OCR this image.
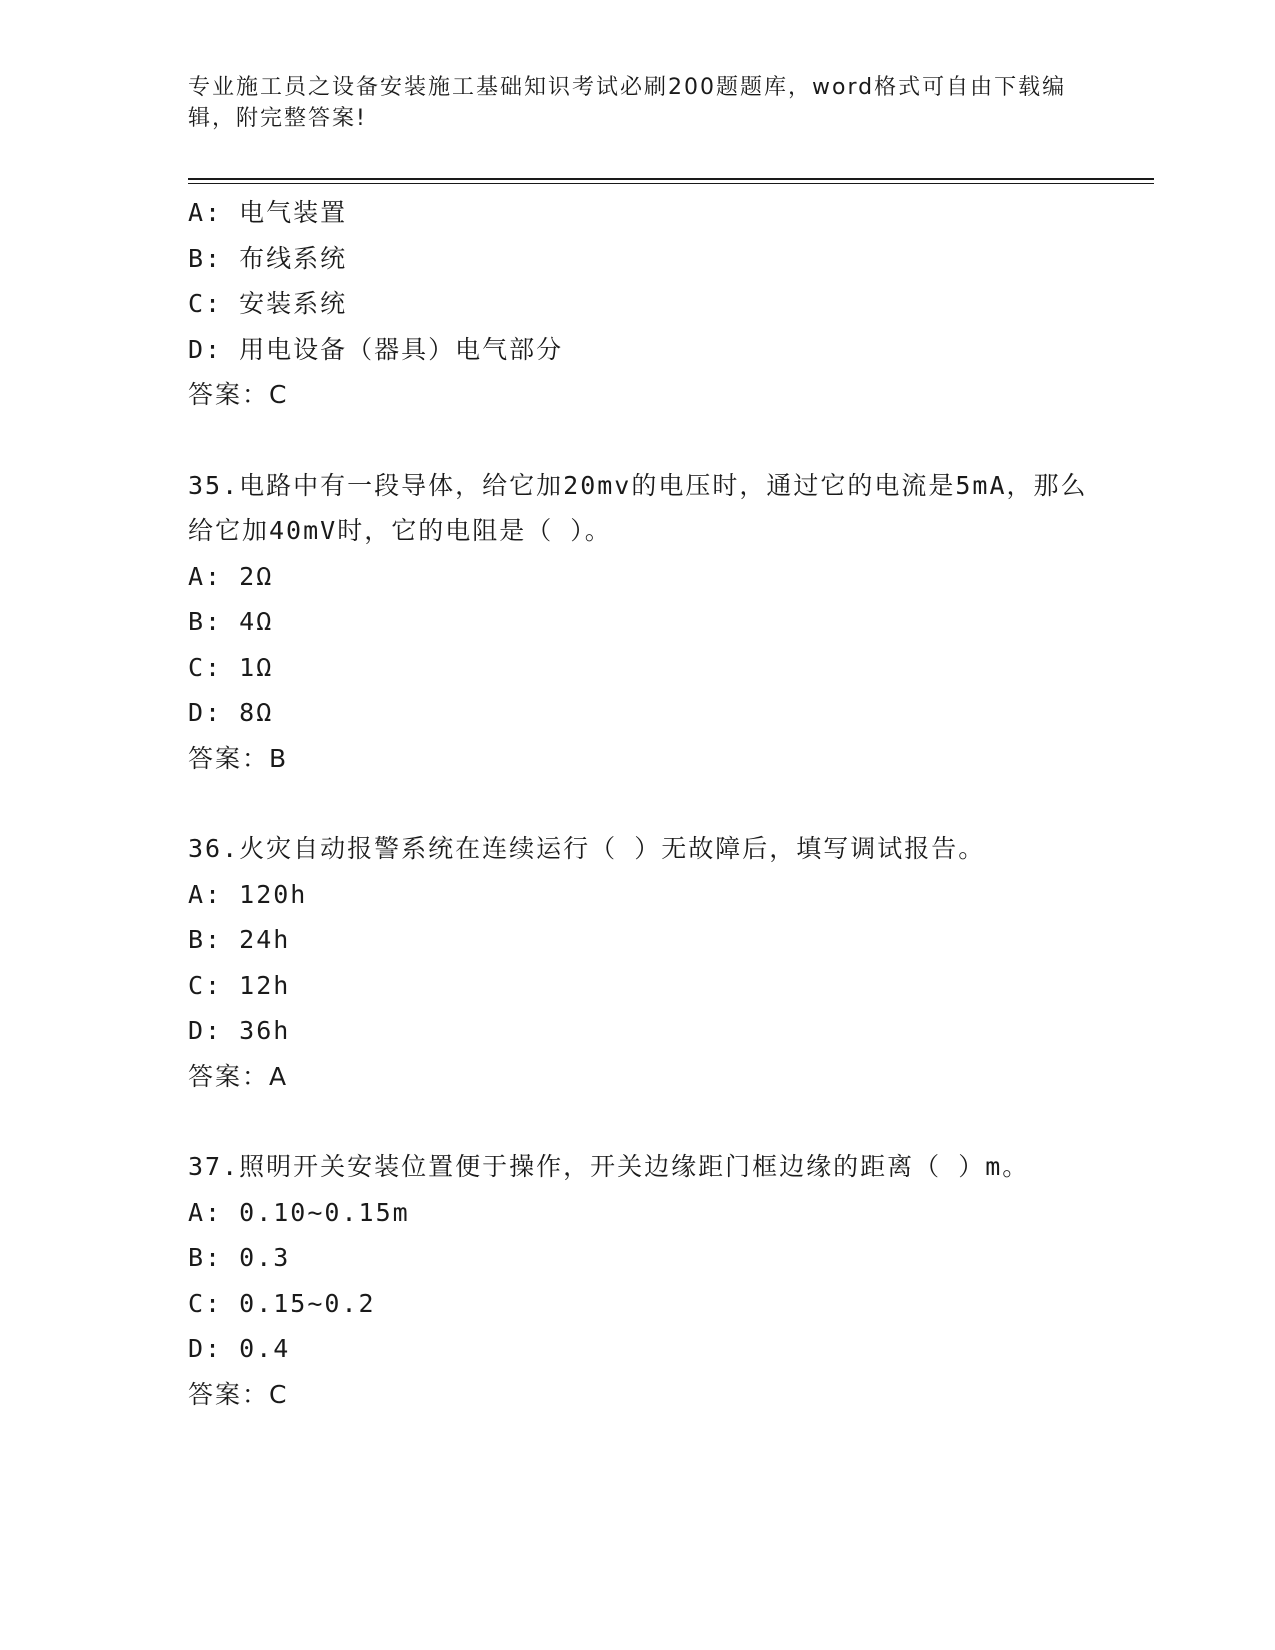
专业施工员之设备安装施工基础知识考试必刷200题题库，word格式可自由下载编辑，附完整答案!
A: 电气装置
B: 布线系统
C: 安装系统
D: 用电设备（器具）电气部分
答案：C
35.电路中有一段导体，给它加20mv的电压时，通过它的电流是5mA，那么给它加40mV时，它的电阻是（ ）。
A: 2Ω
B: 4Ω
C: 1Ω
D: 8Ω
答案：B
36.火灾自动报警系统在连续运行（ ）无故障后，填写调试报告。
A: 120h
B: 24h
C: 12h
D: 36h
答案：A
37.照明开关安装位置便于操作，开关边缘距门框边缘的距离（ ）m。
A: 0.10~0.15m
B: 0.3
C: 0.15~0.2
D: 0.4
答案：C
